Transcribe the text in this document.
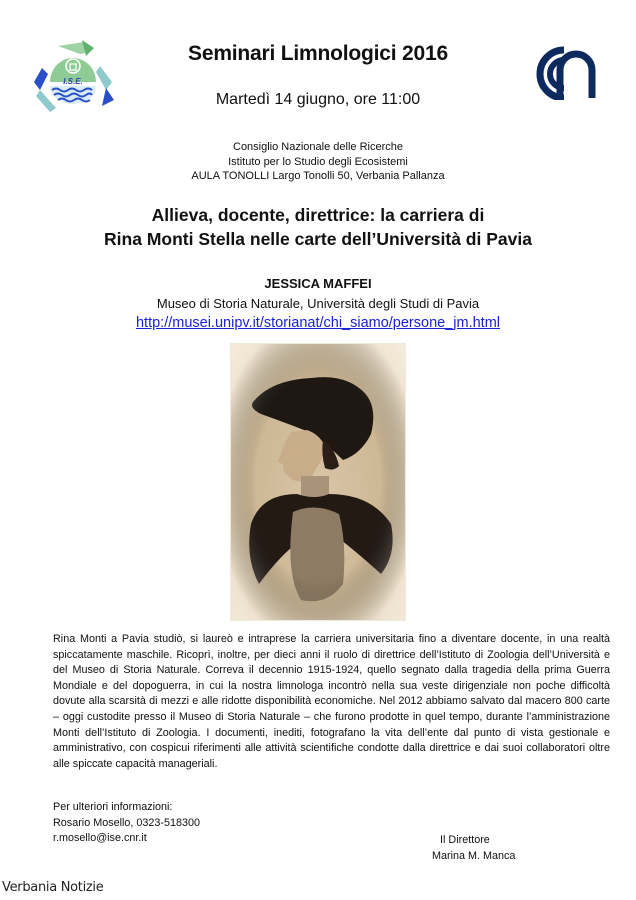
I.S.E.
Seminari Limnologici 2016
Martedì 14 giugno, ore 11:00
Consiglio Nazionale delle Ricerche
Istituto per lo Studio degli Ecosistemi
AULA TONOLLI Largo Tonolli 50, Verbania Pallanza
Allieva, docente, direttrice: la carriera di
Rina Monti Stella nelle carte dell’Università di Pavia
JESSICA MAFFEI
Museo di Storia Naturale, Università degli Studi di Pavia
http://musei.unipv.it/storianat/chi_siamo/persone_jm.html
Rina Monti a Pavia studiò, si laureò e intraprese la carriera universitaria fino a diventare docente, in una realtà spiccatamente maschile. Ricoprì, inoltre, per dieci anni il ruolo di direttrice dell’Istituto di Zoologia dell’Università e del Museo di Storia Naturale. Correva il decennio 1915-1924, quello segnato dalla tragedia della prima Guerra Mondiale e del dopoguerra, in cui la nostra limnologa incontrò nella sua veste dirigenziale non poche difficoltà dovute alla scarsità di mezzi e alle ridotte disponibilità economiche. Nel 2012 abbiamo salvato dal macero 800 carte – oggi custodite presso il Museo di Storia Naturale – che furono prodotte in quel tempo, durante l’amministrazione Monti dell’Istituto di Zoologia. I documenti, inediti, fotografano la vita dell’ente dal punto di vista gestionale e amministrativo, con cospicui riferimenti alle attività scientifiche condotte dalla direttrice e dai suoi collaboratori oltre alle spiccate capacità manageriali.
Per ulteriori informazioni:
Rosario Mosello, 0323-518300
r.mosello@ise.cnr.it	Il Direttore
Marina M. Manca
Verbania Notizie
